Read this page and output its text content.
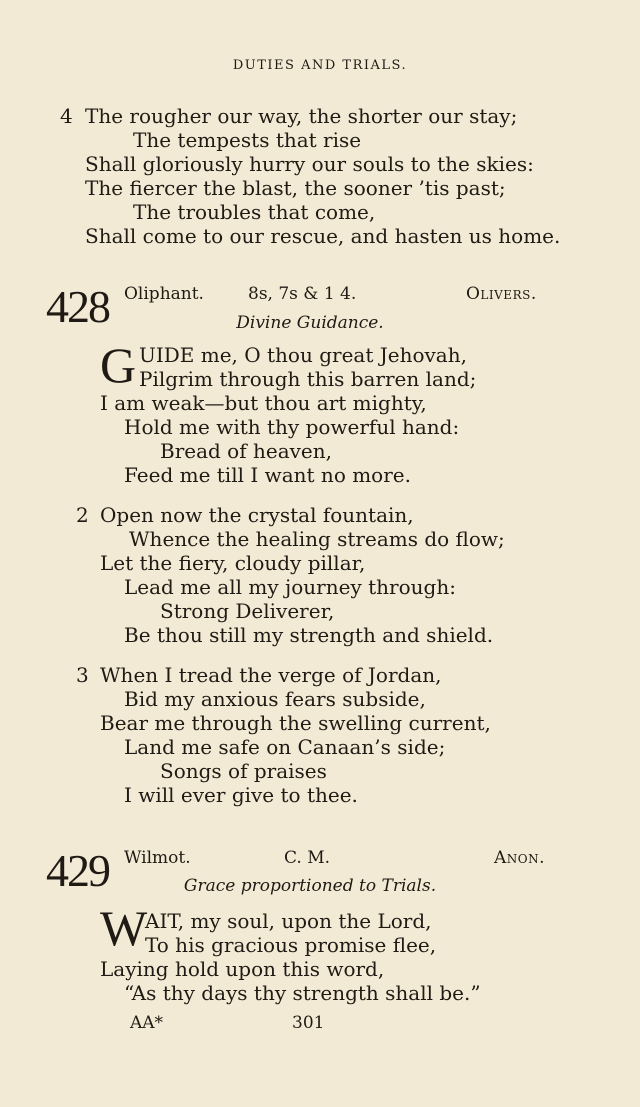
DUTIES AND TRIALS.
4 The rougher our way, the shorter our stay;
The tempests that rise
Shall gloriously hurry our souls to the skies:
The fiercer the blast, the sooner ’tis past;
The troubles that come,
Shall come to our rescue, and hasten us home.
428 Oliphant.	8s, 7s & 1 4.	Olivers.
Divine Guidance.
G UIDE me, O thou great Jehovah,
Pilgrim through this barren land;
I am weak—but thou art mighty,
Hold me with thy powerful hand:
Bread of heaven,
Feed me till I want no more.
2 Open now the crystal fountain,
Whence the healing streams do flow;
Let the fiery, cloudy pillar,
Lead me all my journey through:
Strong Deliverer,
Be thou still my strength and shield.
3 When I tread the verge of Jordan,
Bid my anxious fears subside,
Bear me through the swelling current,
Land me safe on Canaan’s side;
Songs of praises
I will ever give to thee.
429 Wilmot.	C. M.	Anon.
Grace proportioned to Trials.
W
AIT, my soul, upon the Lord,
To his gracious promise flee,
Laying hold upon this word,
“As thy days thy strength shall be.”
AA*	301
